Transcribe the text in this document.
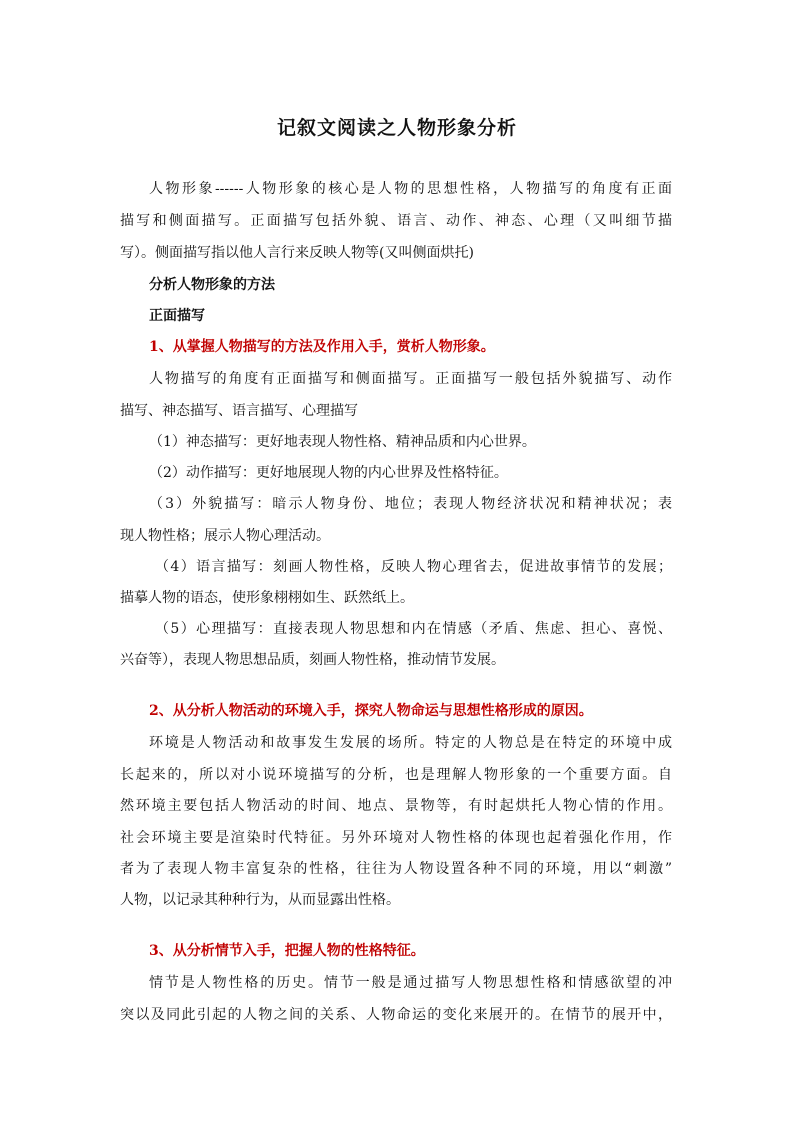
记叙文阅读之人物形象分析

人物形象------人物形象的核心是人物的思想性格，人物描写的角度有正面

描写和侧面描写。正面描写包括外貌、语言、动作、神态、心理（又叫细节描

写）。侧面描写指以他人言行来反映人物等(又叫侧面烘托)

分析人物形象的方法

正面描写

1、从掌握人物描写的方法及作用入手，赏析人物形象。

人物描写的角度有正面描写和侧面描写。正面描写一般包括外貌描写、动作

描写、神态描写、语言描写、心理描写

（1）神态描写：更好地表现人物性格、精神品质和内心世界。

（2）动作描写：更好地展现人物的内心世界及性格特征。

（3）外貌描写：暗示人物身份、地位；表现人物经济状况和精神状况；表

现人物性格；展示人物心理活动。

（4）语言描写：刻画人物性格，反映人物心理省去，促进故事情节的发展；

描摹人物的语态，使形象栩栩如生、跃然纸上。

（5）心理描写：直接表现人物思想和内在情感（矛盾、焦虑、担心、喜悦、

兴奋等），表现人物思想品质，刻画人物性格，推动情节发展。

2、从分析人物活动的环境入手，探究人物命运与思想性格形成的原因。

环境是人物活动和故事发生发展的场所。特定的人物总是在特定的环境中成

长起来的，所以对小说环境描写的分析，也是理解人物形象的一个重要方面。自

然环境主要包括人物活动的时间、地点、景物等，有时起烘托人物心情的作用。

社会环境主要是渲染时代特征。另外环境对人物性格的体现也起着强化作用，作

者为了表现人物丰富复杂的性格，往往为人物设置各种不同的环境，用以“刺激”

人物，以记录其种种行为，从而显露出性格。

3、从分析情节入手，把握人物的性格特征。

情节是人物性格的历史。情节一般是通过描写人物思想性格和情感欲望的冲

突以及同此引起的人物之间的关系、人物命运的变化来展开的。在情节的展开中，
